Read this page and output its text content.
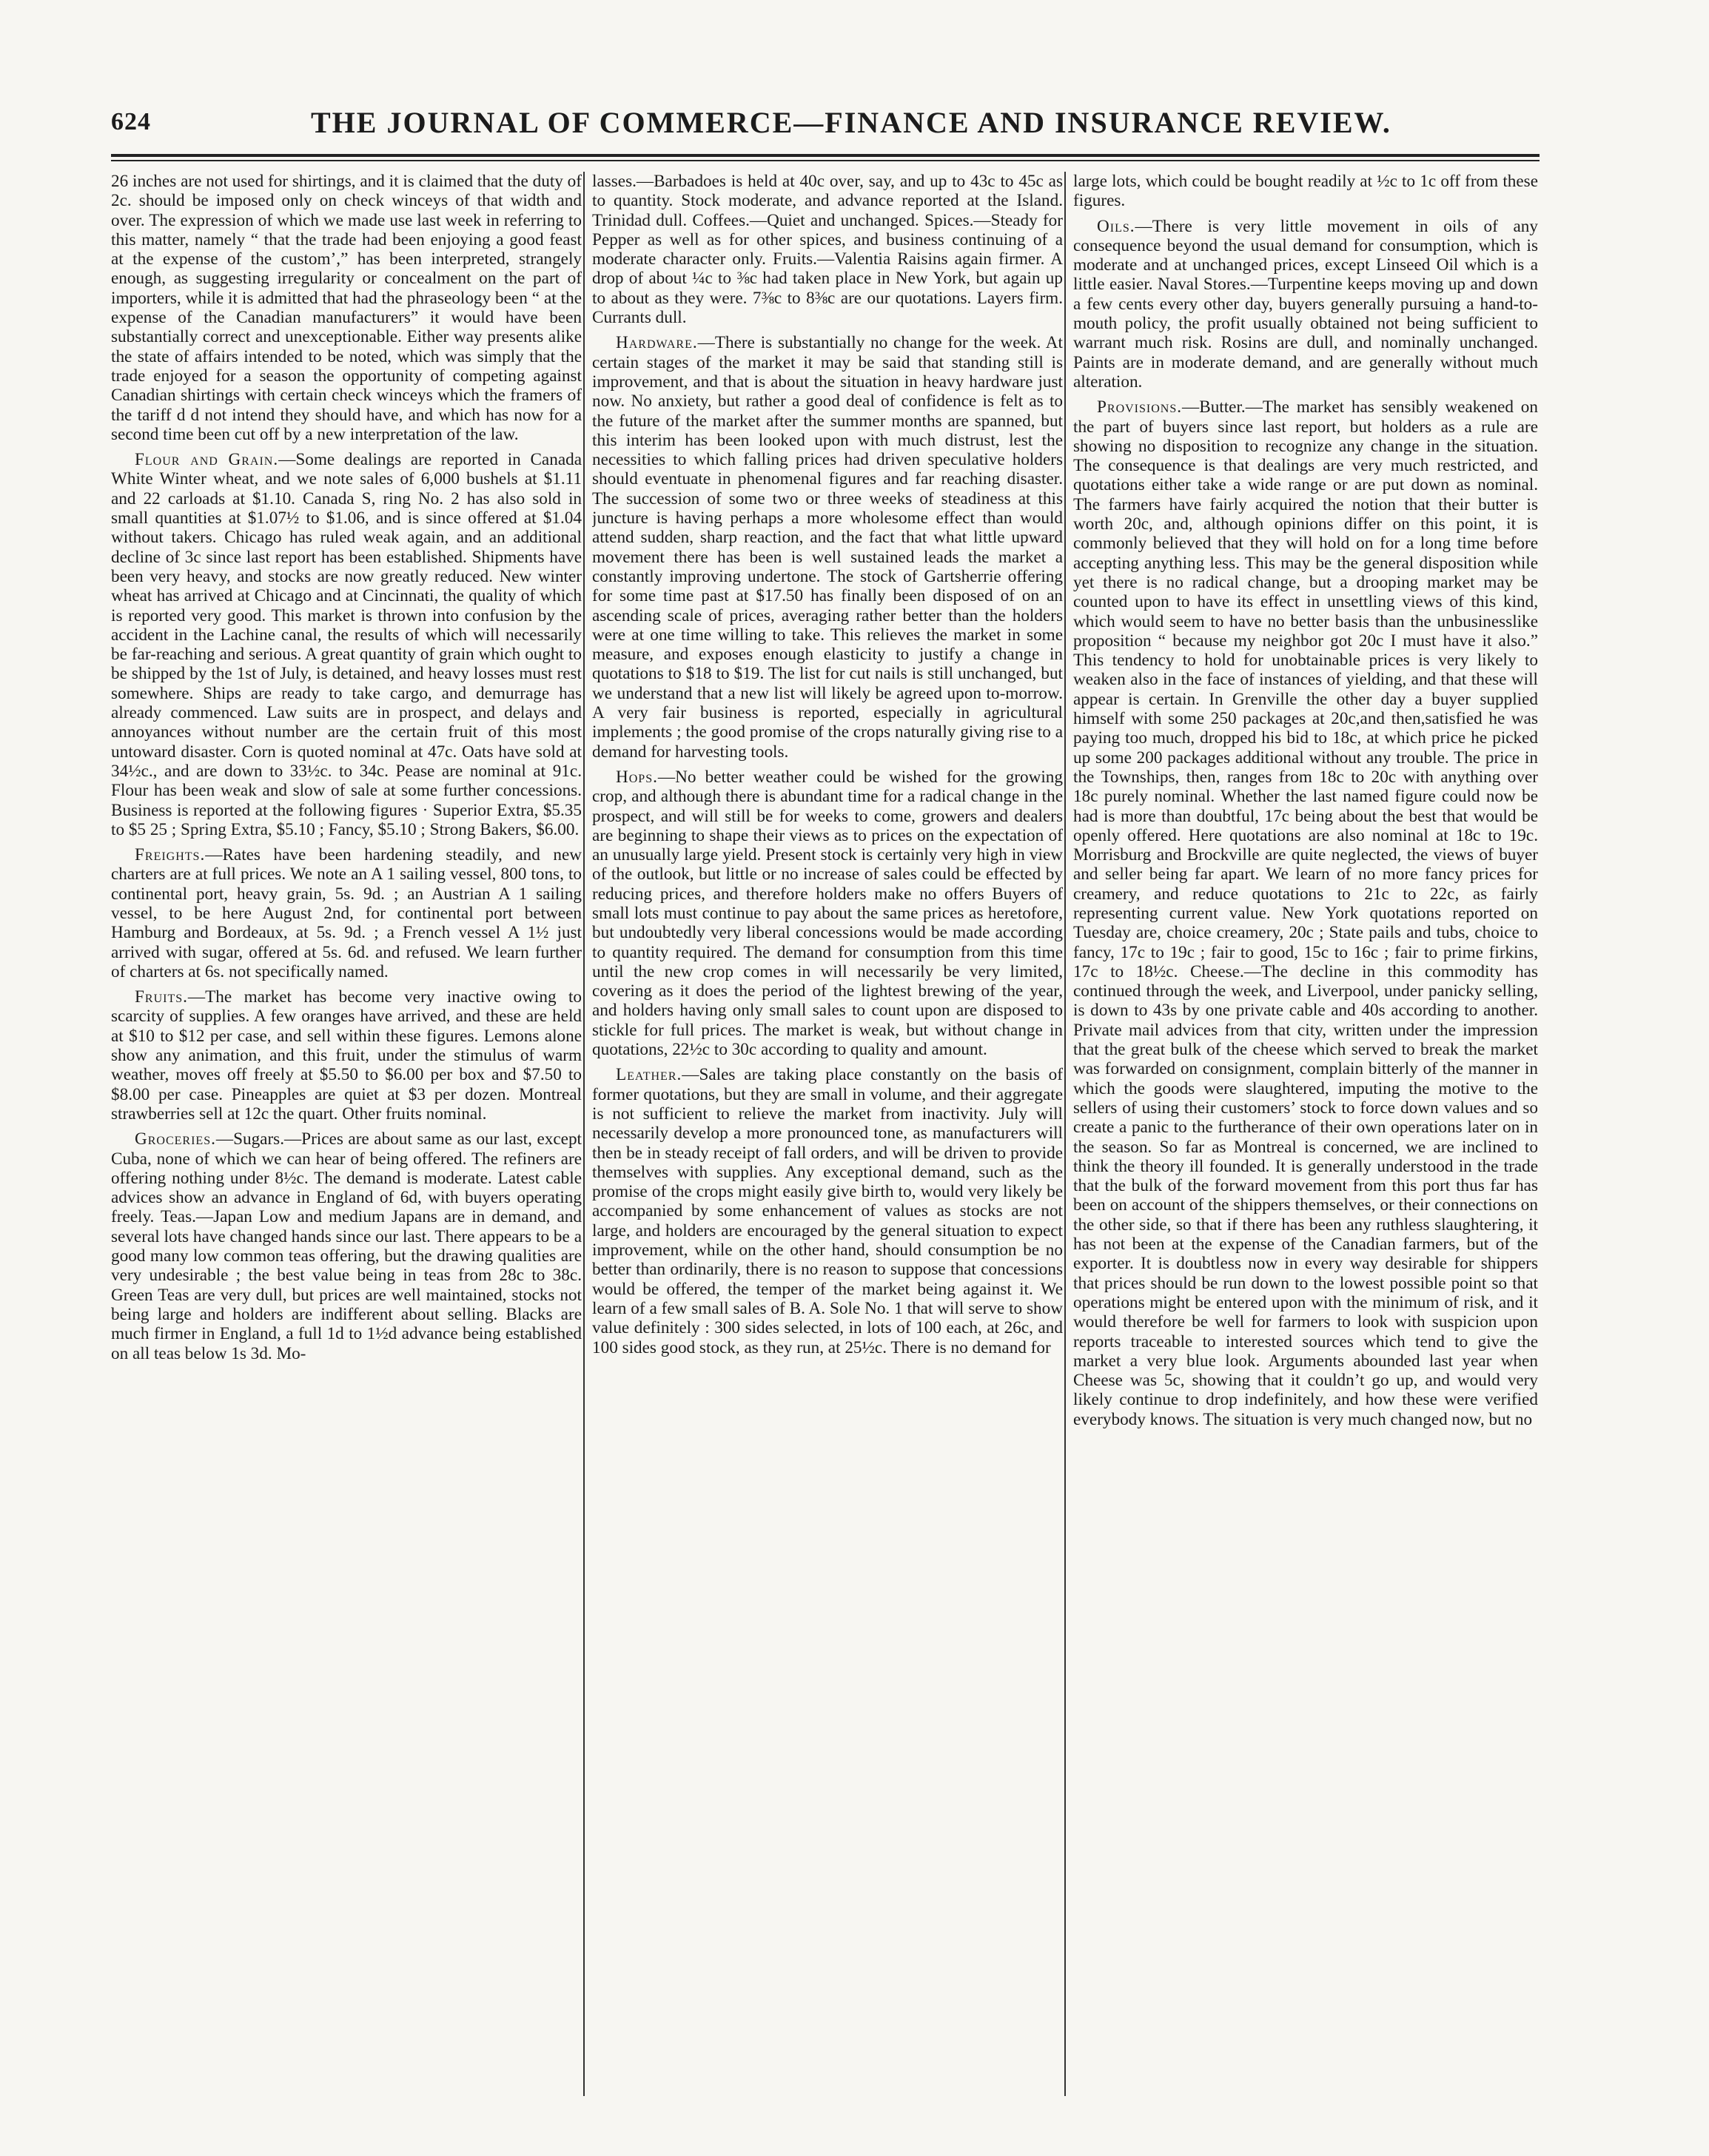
624	THE JOURNAL OF COMMERCE—FINANCE AND INSURANCE REVIEW.

26 inches are not used for shirtings, and it is claimed that the duty of 2c. should be imposed only on check winceys of that width and over. The expression of which we made use last week in referring to this matter, namely “ that the trade had been enjoying a good feast at the expense of the custom’,” has been interpreted, strangely enough, as suggesting irregularity or concealment on the part of importers, while it is admitted that had the phraseology been “ at the expense of the Canadian manufacturers” it would have been substantially correct and unexceptionable. Either way presents alike the state of affairs intended to be noted, which was simply that the trade enjoyed for a season the opportunity of competing against Canadian shirtings with certain check winceys which the framers of the tariff d d not intend they should have, and which has now for a second time been cut off by a new interpretation of the law.

Flour and Grain.—Some dealings are reported in Canada White Winter wheat, and we note sales of 6,000 bushels at $1.11 and 22 carloads at $1.10. Canada S, ring No. 2 has also sold in small quantities at $1.07½ to $1.06, and is since offered at $1.04 without takers. Chicago has ruled weak again, and an additional decline of 3c since last report has been established. Shipments have been very heavy, and stocks are now greatly reduced. New winter wheat has arrived at Chicago and at Cincinnati, the quality of which is reported very good. This market is thrown into confusion by the accident in the Lachine canal, the results of which will necessarily be far-reaching and serious. A great quantity of grain which ought to be shipped by the 1st of July, is detained, and heavy losses must rest somewhere. Ships are ready to take cargo, and demurrage has already commenced. Law suits are in prospect, and delays and annoyances without number are the certain fruit of this most untoward disaster. Corn is quoted nominal at 47c. Oats have sold at 34½c., and are down to 33½c. to 34c. Pease are nominal at 91c. Flour has been weak and slow of sale at some further concessions. Business is reported at the following figures · Superior Extra, $5.35 to $5 25 ; Spring Extra, $5.10 ; Fancy, $5.10 ; Strong Bakers, $6.00.

Freights.—Rates have been hardening steadily, and new charters are at full prices. We note an A 1 sailing vessel, 800 tons, to continental port, heavy grain, 5s. 9d. ; an Austrian A 1 sailing vessel, to be here August 2nd, for continental port between Hamburg and Bordeaux, at 5s. 9d. ; a French vessel A 1½ just arrived with sugar, offered at 5s. 6d. and refused. We learn further of charters at 6s. not specifically named.

Fruits.—The market has become very inactive owing to scarcity of supplies. A few oranges have arrived, and these are held at $10 to $12 per case, and sell within these figures. Lemons alone show any animation, and this fruit, under the stimulus of warm weather, moves off freely at $5.50 to $6.00 per box and $7.50 to $8.00 per case. Pineapples are quiet at $3 per dozen. Montreal strawberries sell at 12c the quart. Other fruits nominal.

Groceries.—Sugars.—Prices are about same as our last, except Cuba, none of which we can hear of being offered. The refiners are offering nothing under 8½c. The demand is moderate. Latest cable advices show an advance in England of 6d, with buyers operating freely. Teas.—Japan Low and medium Japans are in demand, and several lots have changed hands since our last. There appears to be a good many low common teas offering, but the drawing qualities are very undesirable ; the best value being in teas from 28c to 38c. Green Teas are very dull, but prices are well maintained, stocks not being large and holders are indifferent about selling. Blacks are much firmer in England, a full 1d to 1½d advance being established on all teas below 1s 3d. Mo-

lasses.—Barbadoes is held at 40c over, say, and up to 43c to 45c as to quantity. Stock moderate, and advance reported at the Island. Trinidad dull. Coffees.—Quiet and unchanged. Spices.—Steady for Pepper as well as for other spices, and business continuing of a moderate character only. Fruits.—Valentia Raisins again firmer. A drop of about ¼c to ⅜c had taken place in New York, but again up to about as they were. 7⅜c to 8⅜c are our quotations. Layers firm. Currants dull.

Hardware.—There is substantially no change for the week. At certain stages of the market it may be said that standing still is improvement, and that is about the situation in heavy hardware just now. No anxiety, but rather a good deal of confidence is felt as to the future of the market after the summer months are spanned, but this interim has been looked upon with much distrust, lest the necessities to which falling prices had driven speculative holders should eventuate in phenomenal figures and far reaching disaster. The succession of some two or three weeks of steadiness at this juncture is having perhaps a more wholesome effect than would attend sudden, sharp reaction, and the fact that what little upward movement there has been is well sustained leads the market a constantly improving undertone. The stock of Gartsherrie offering for some time past at $17.50 has finally been disposed of on an ascending scale of prices, averaging rather better than the holders were at one time willing to take. This relieves the market in some measure, and exposes enough elasticity to justify a change in quotations to $18 to $19. The list for cut nails is still unchanged, but we understand that a new list will likely be agreed upon to-morrow. A very fair business is reported, especially in agricultural implements ; the good promise of the crops naturally giving rise to a demand for harvesting tools.

Hops.—No better weather could be wished for the growing crop, and although there is abundant time for a radical change in the prospect, and will still be for weeks to come, growers and dealers are beginning to shape their views as to prices on the expectation of an unusually large yield. Present stock is certainly very high in view of the outlook, but little or no increase of sales could be effected by reducing prices, and therefore holders make no offers Buyers of small lots must continue to pay about the same prices as heretofore, but undoubtedly very liberal concessions would be made according to quantity required. The demand for consumption from this time until the new crop comes in will necessarily be very limited, covering as it does the period of the lightest brewing of the year, and holders having only small sales to count upon are disposed to stickle for full prices. The market is weak, but without change in quotations, 22½c to 30c according to quality and amount.

Leather.—Sales are taking place constantly on the basis of former quotations, but they are small in volume, and their aggregate is not sufficient to relieve the market from inactivity. July will necessarily develop a more pronounced tone, as manufacturers will then be in steady receipt of fall orders, and will be driven to provide themselves with supplies. Any exceptional demand, such as the promise of the crops might easily give birth to, would very likely be accompanied by some enhancement of values as stocks are not large, and holders are encouraged by the general situation to expect improvement, while on the other hand, should consumption be no better than ordinarily, there is no reason to suppose that concessions would be offered, the temper of the market being against it. We learn of a few small sales of B. A. Sole No. 1 that will serve to show value definitely : 300 sides selected, in lots of 100 each, at 26c, and 100 sides good stock, as they run, at 25½c. There is no demand for

large lots, which could be bought readily at ½c to 1c off from these figures.

Oils.—There is very little movement in oils of any consequence beyond the usual demand for consumption, which is moderate and at unchanged prices, except Linseed Oil which is a little easier. Naval Stores.—Turpentine keeps moving up and down a few cents every other day, buyers generally pursuing a hand-to-mouth policy, the profit usually obtained not being sufficient to warrant much risk. Rosins are dull, and nominally unchanged. Paints are in moderate demand, and are generally without much alteration.

Provisions.—Butter.—The market has sensibly weakened on the part of buyers since last report, but holders as a rule are showing no disposition to recognize any change in the situation. The consequence is that dealings are very much restricted, and quotations either take a wide range or are put down as nominal. The farmers have fairly acquired the notion that their butter is worth 20c, and, although opinions differ on this point, it is commonly believed that they will hold on for a long time before accepting anything less. This may be the general disposition while yet there is no radical change, but a drooping market may be counted upon to have its effect in unsettling views of this kind, which would seem to have no better basis than the unbusinesslike proposition “ because my neighbor got 20c I must have it also.” This tendency to hold for unobtainable prices is very likely to weaken also in the face of instances of yielding, and that these will appear is certain. In Grenville the other day a buyer supplied himself with some 250 packages at 20c,and then,satisfied he was paying too much, dropped his bid to 18c, at which price he picked up some 200 packages additional without any trouble. The price in the Townships, then, ranges from 18c to 20c with anything over 18c purely nominal. Whether the last named figure could now be had is more than doubtful, 17c being about the best that would be openly offered. Here quotations are also nominal at 18c to 19c. Morrisburg and Brockville are quite neglected, the views of buyer and seller being far apart. We learn of no more fancy prices for creamery, and reduce quotations to 21c to 22c, as fairly representing current value. New York quotations reported on Tuesday are, choice creamery, 20c ; State pails and tubs, choice to fancy, 17c to 19c ; fair to good, 15c to 16c ; fair to prime firkins, 17c to 18½c. Cheese.—The decline in this commodity has continued through the week, and Liverpool, under panicky selling, is down to 43s by one private cable and 40s according to another. Private mail advices from that city, written under the impression that the great bulk of the cheese which served to break the market was forwarded on consignment, complain bitterly of the manner in which the goods were slaughtered, imputing the motive to the sellers of using their customers’ stock to force down values and so create a panic to the furtherance of their own operations later on in the season. So far as Montreal is concerned, we are inclined to think the theory ill founded. It is generally understood in the trade that the bulk of the forward movement from this port thus far has been on account of the shippers themselves, or their connections on the other side, so that if there has been any ruthless slaughtering, it has not been at the expense of the Canadian farmers, but of the exporter. It is doubtless now in every way desirable for shippers that prices should be run down to the lowest possible point so that operations might be entered upon with the minimum of risk, and it would therefore be well for farmers to look with suspicion upon reports traceable to interested sources which tend to give the market a very blue look. Arguments abounded last year when Cheese was 5c, showing that it couldn’t go up, and would very likely continue to drop indefinitely, and how these were verified everybody knows. The situation is very much changed now, but no
